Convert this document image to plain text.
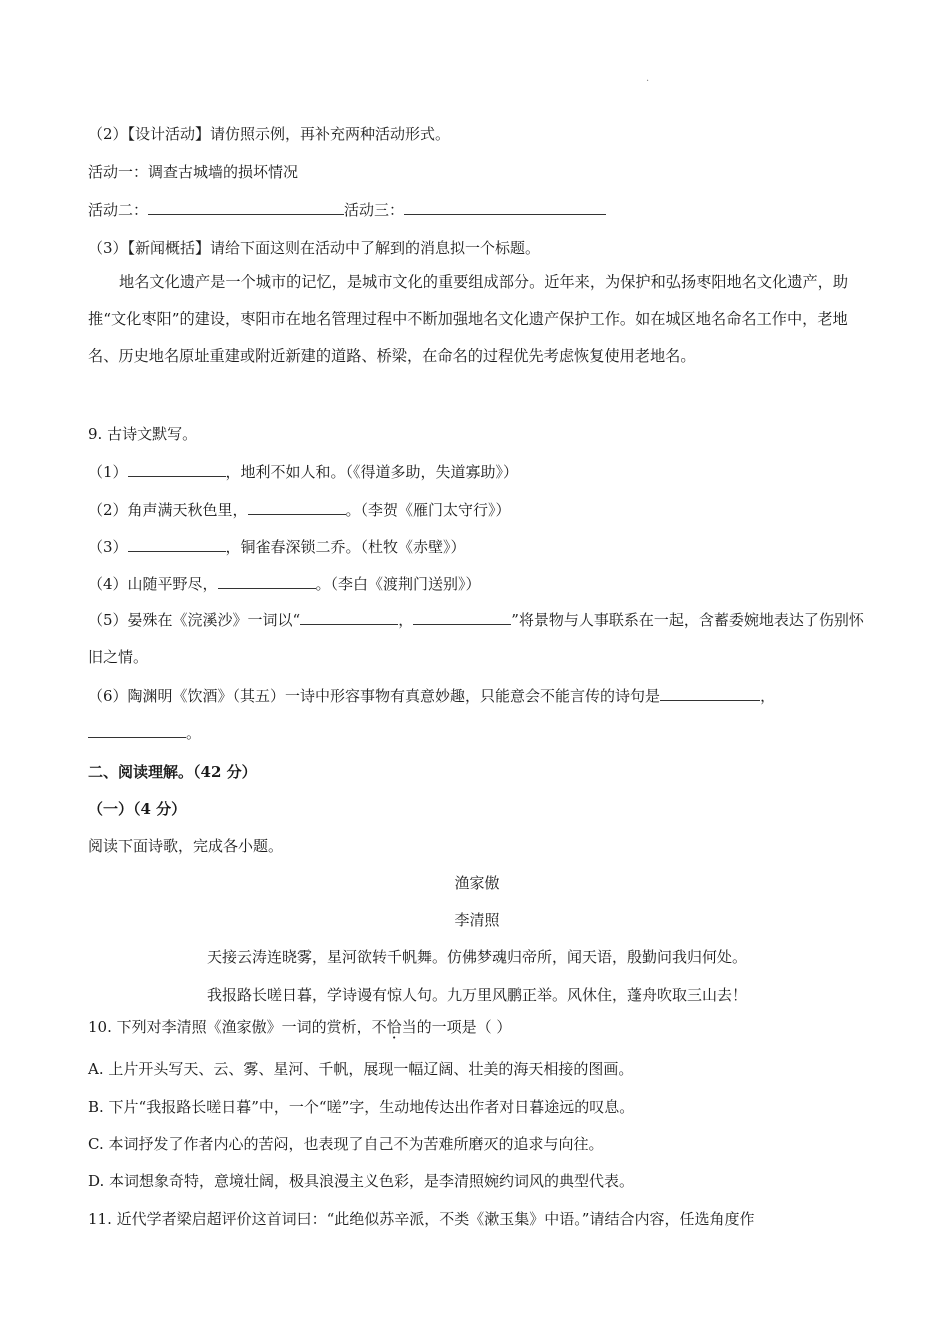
·
（2）【设计活动】请仿照示例，再补充两种活动形式。
活动一：调查古城墙的损坏情况
活动二：	活动三：
（3）【新闻概括】请给下面这则在活动中了解到的消息拟一个标题。
地名文化遗产是一个城市的记忆，是城市文化的重要组成部分。近年来，为保护和弘扬枣阳地名文化遗产，助推“文化枣阳”的建设，枣阳市在地名管理过程中不断加强地名文化遗产保护工作。如在城区地名命名工作中，老地名、历史地名原址重建或附近新建的道路、桥梁，在命名的过程优先考虑恢复使用老地名。
9. 古诗文默写。
（1）	，地利不如人和。（《得道多助，失道寡助》）
（2）角声满天秋色里，	。（李贺《雁门太守行》）
（3）	，铜雀春深锁二乔。（杜牧《赤壁》）
（4）山随平野尽，	。（李白《渡荆门送别》）
（5）晏殊在《浣溪沙》一词以“	，	”将景物与人事联系在一起，含蓄委婉地表达了伤别怀旧之情。
（6）陶渊明《饮酒》（其五）一诗中形容事物有真意妙趣，只能意会不能言传的诗句是	，
。
二、阅读理解。（42 分）
（一）（4 分）
阅读下面诗歌，完成各小题。
渔家傲
李清照
天接云涛连晓雾，星河欲转千帆舞。仿佛梦魂归帝所，闻天语，殷勤问我归何处。
我报路长嗟日暮，学诗谩有惊人句。九万里风鹏正举。风休住，蓬舟吹取三山去！
10. 下列对李清照《渔家傲》一词的赏析，不恰当的一项是（ ）
A. 上片开头写天、云、雾、星河、千帆，展现一幅辽阔、壮美的海天相接的图画。
B. 下片“我报路长嗟日暮”中，一个“嗟”字，生动地传达出作者对日暮途远的叹息。
C. 本词抒发了作者内心的苦闷，也表现了自己不为苦难所磨灭的追求与向往。
D. 本词想象奇特，意境壮阔，极具浪漫主义色彩，是李清照婉约词风的典型代表。
11. 近代学者梁启超评价这首词曰：“此绝似苏辛派，不类《漱玉集》中语。”请结合内容，任选角度作
